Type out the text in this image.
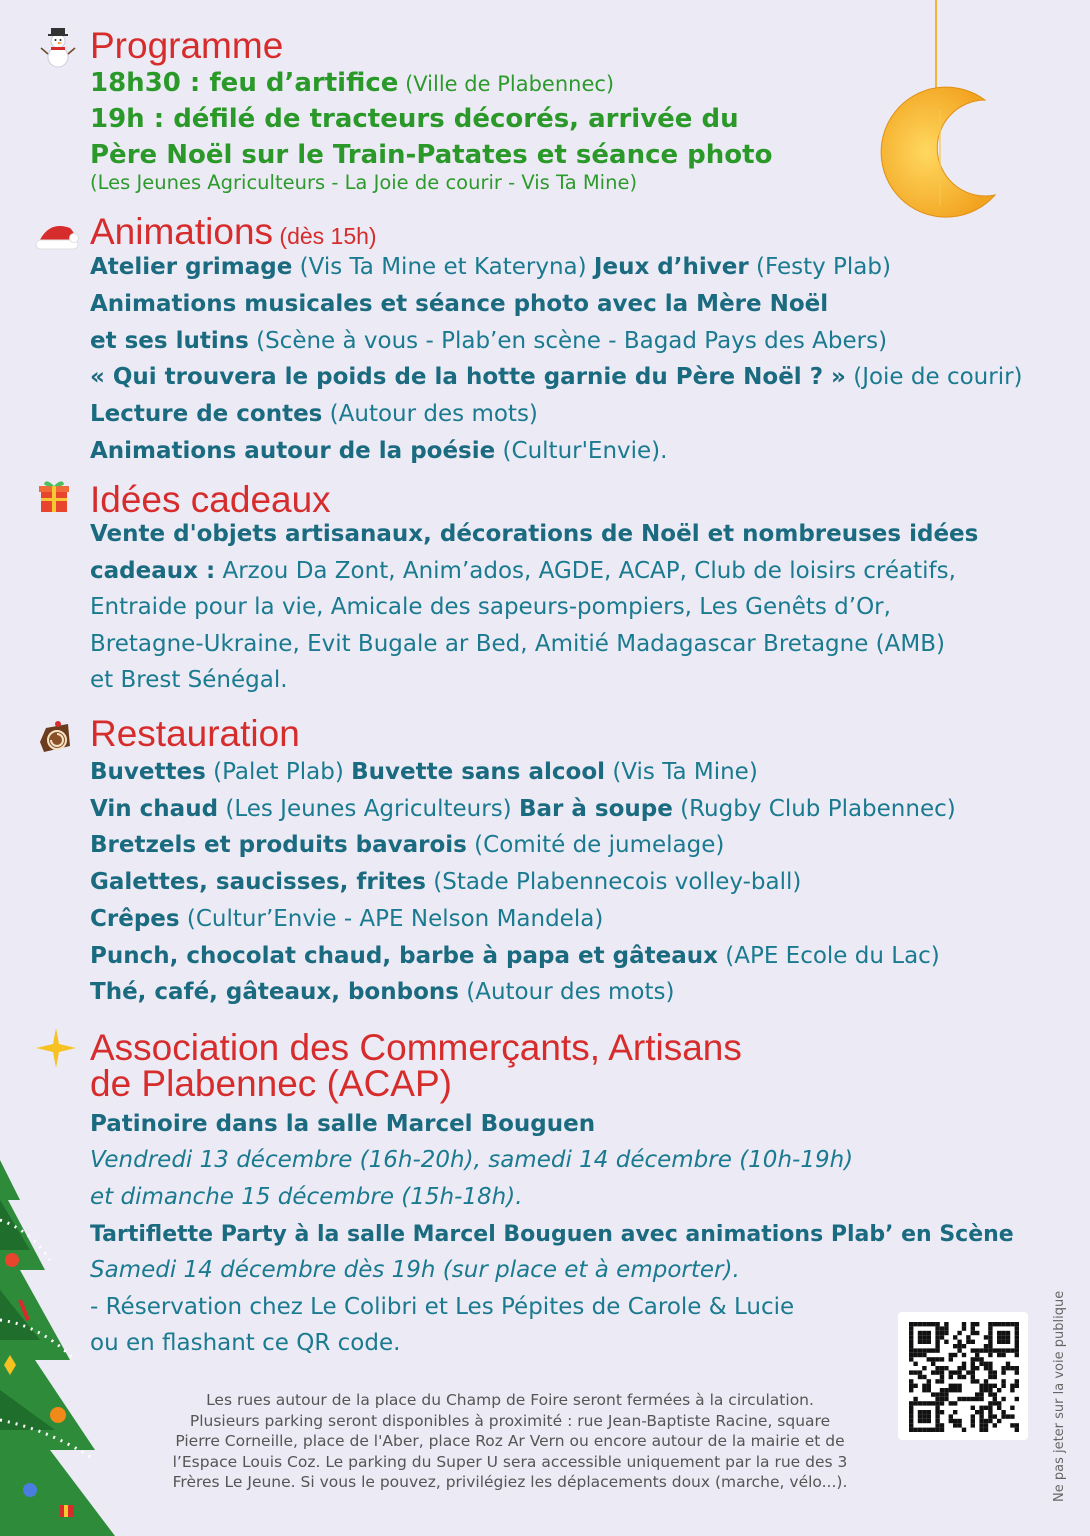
Programme
18h30 : feu d’artifice (Ville de Plabennec)
19h : défilé de tracteurs décorés, arrivée du
Père Noël sur le Train-Patates et séance photo
(Les Jeunes Agriculteurs - La Joie de courir - Vis Ta Mine)
Animations (dès 15h)
Atelier grimage (Vis Ta Mine et Kateryna) Jeux d’hiver (Festy Plab)
Animations musicales et séance photo avec la Mère Noël
et ses lutins (Scène à vous - Plab’en scène - Bagad Pays des Abers)
« Qui trouvera le poids de la hotte garnie du Père Noël ? » (Joie de courir)
Lecture de contes (Autour des mots)
Animations autour de la poésie (Cultur'Envie).
Idées cadeaux
Vente d'objets artisanaux, décorations de Noël et nombreuses idées
cadeaux : Arzou Da Zont, Anim’ados, AGDE, ACAP, Club de loisirs créatifs,
Entraide pour la vie, Amicale des sapeurs-pompiers, Les Genêts d’Or,
Bretagne-Ukraine, Evit Bugale ar Bed, Amitié Madagascar Bretagne (AMB)
et Brest Sénégal.
Restauration
Buvettes (Palet Plab) Buvette sans alcool (Vis Ta Mine)
Vin chaud (Les Jeunes Agriculteurs) Bar à soupe (Rugby Club Plabennec)
Bretzels et produits bavarois (Comité de jumelage)
Galettes, saucisses, frites (Stade Plabennecois volley-ball)
Crêpes (Cultur’Envie - APE Nelson Mandela)
Punch, chocolat chaud, barbe à papa et gâteaux (APE Ecole du Lac)
Thé, café, gâteaux, bonbons (Autour des mots)
Association des Commerçants, Artisans
de Plabennec (ACAP)
Patinoire dans la salle Marcel Bouguen
Vendredi 13 décembre (16h-20h), samedi 14 décembre (10h-19h)
et dimanche 15 décembre (15h-18h).
Tartiflette Party à la salle Marcel Bouguen avec animations Plab’ en Scène
Samedi 14 décembre dès 19h (sur place et à emporter).
- Réservation chez Le Colibri et Les Pépites de Carole & Lucie
ou en flashant ce QR code.
Les rues autour de la place du Champ de Foire seront fermées à la circulation.
Plusieurs parking seront disponibles à proximité : rue Jean-Baptiste Racine, square
Pierre Corneille, place de l'Aber, place Roz Ar Vern ou encore autour de la mairie et de
l’Espace Louis Coz. Le parking du Super U sera accessible uniquement par la rue des 3
Frères Le Jeune. Si vous le pouvez, privilégiez les déplacements doux (marche, vélo...).	Ne pas jeter sur la voie publique
